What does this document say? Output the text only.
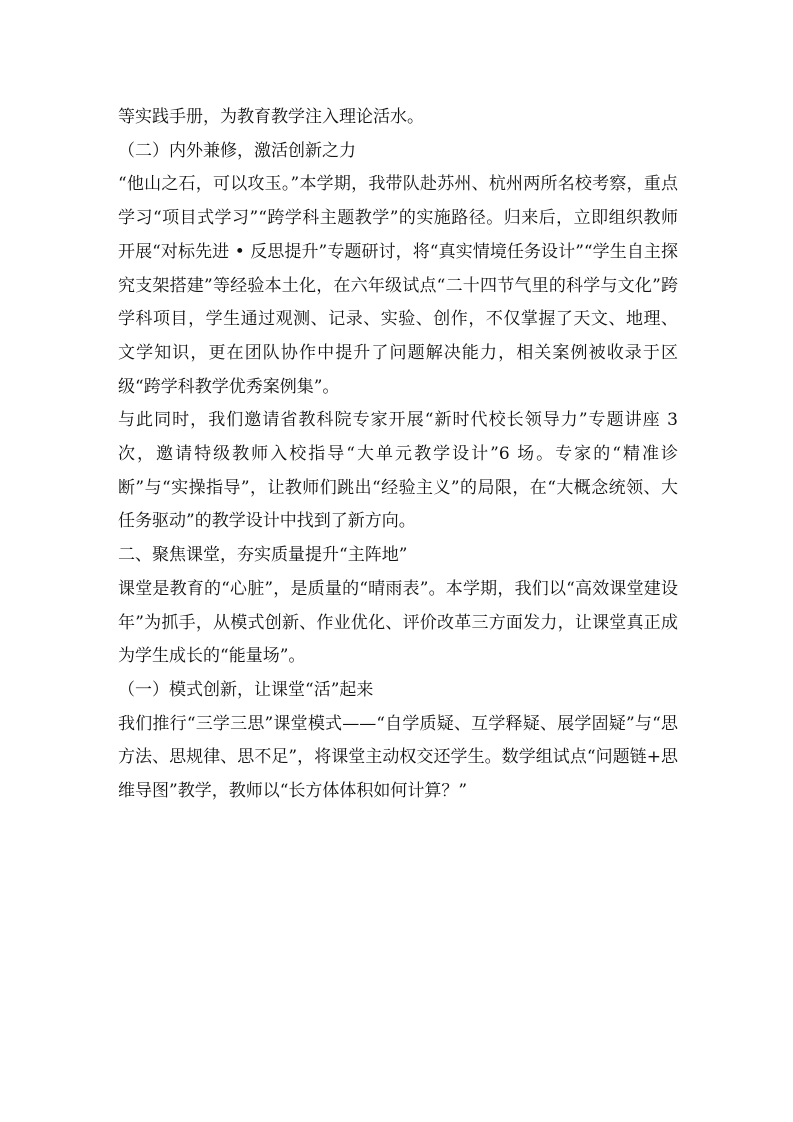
等实践手册，为教育教学注入理论活水。

（二）内外兼修，激活创新之力

“他山之石，可以攻玉。”本学期，我带队赴苏州、杭州两所名校考察，重点学习“项目式学习”“跨学科主题教学”的实施路径。归来后，立即组织教师开展“对标先进 • 反思提升”专题研讨，将“真实情境任务设计”“学生自主探究支架搭建”等经验本土化，在六年级试点“二十四节气里的科学与文化”跨学科项目，学生通过观测、记录、实验、创作，不仅掌握了天文、地理、文学知识，更在团队协作中提升了问题解决能力，相关案例被收录于区级“跨学科教学优秀案例集”。

与此同时，我们邀请省教科院专家开展“新时代校长领导力”专题讲座 3 次，邀请特级教师入校指导“大单元教学设计”6 场。专家的“精准诊断”与“实操指导”，让教师们跳出“经验主义”的局限，在“大概念统领、大任务驱动”的教学设计中找到了新方向。

二、聚焦课堂，夯实质量提升“主阵地”

课堂是教育的“心脏”，是质量的“晴雨表”。本学期，我们以“高效课堂建设年”为抓手，从模式创新、作业优化、评价改革三方面发力，让课堂真正成为学生成长的“能量场”。

（一）模式创新，让课堂“活”起来

我们推行“三学三思”课堂模式——“自学质疑、互学释疑、展学固疑”与“思方法、思规律、思不足”，将课堂主动权交还学生。数学组试点“问题链+思维导图”教学，教师以“长方体体积如何计算？”
